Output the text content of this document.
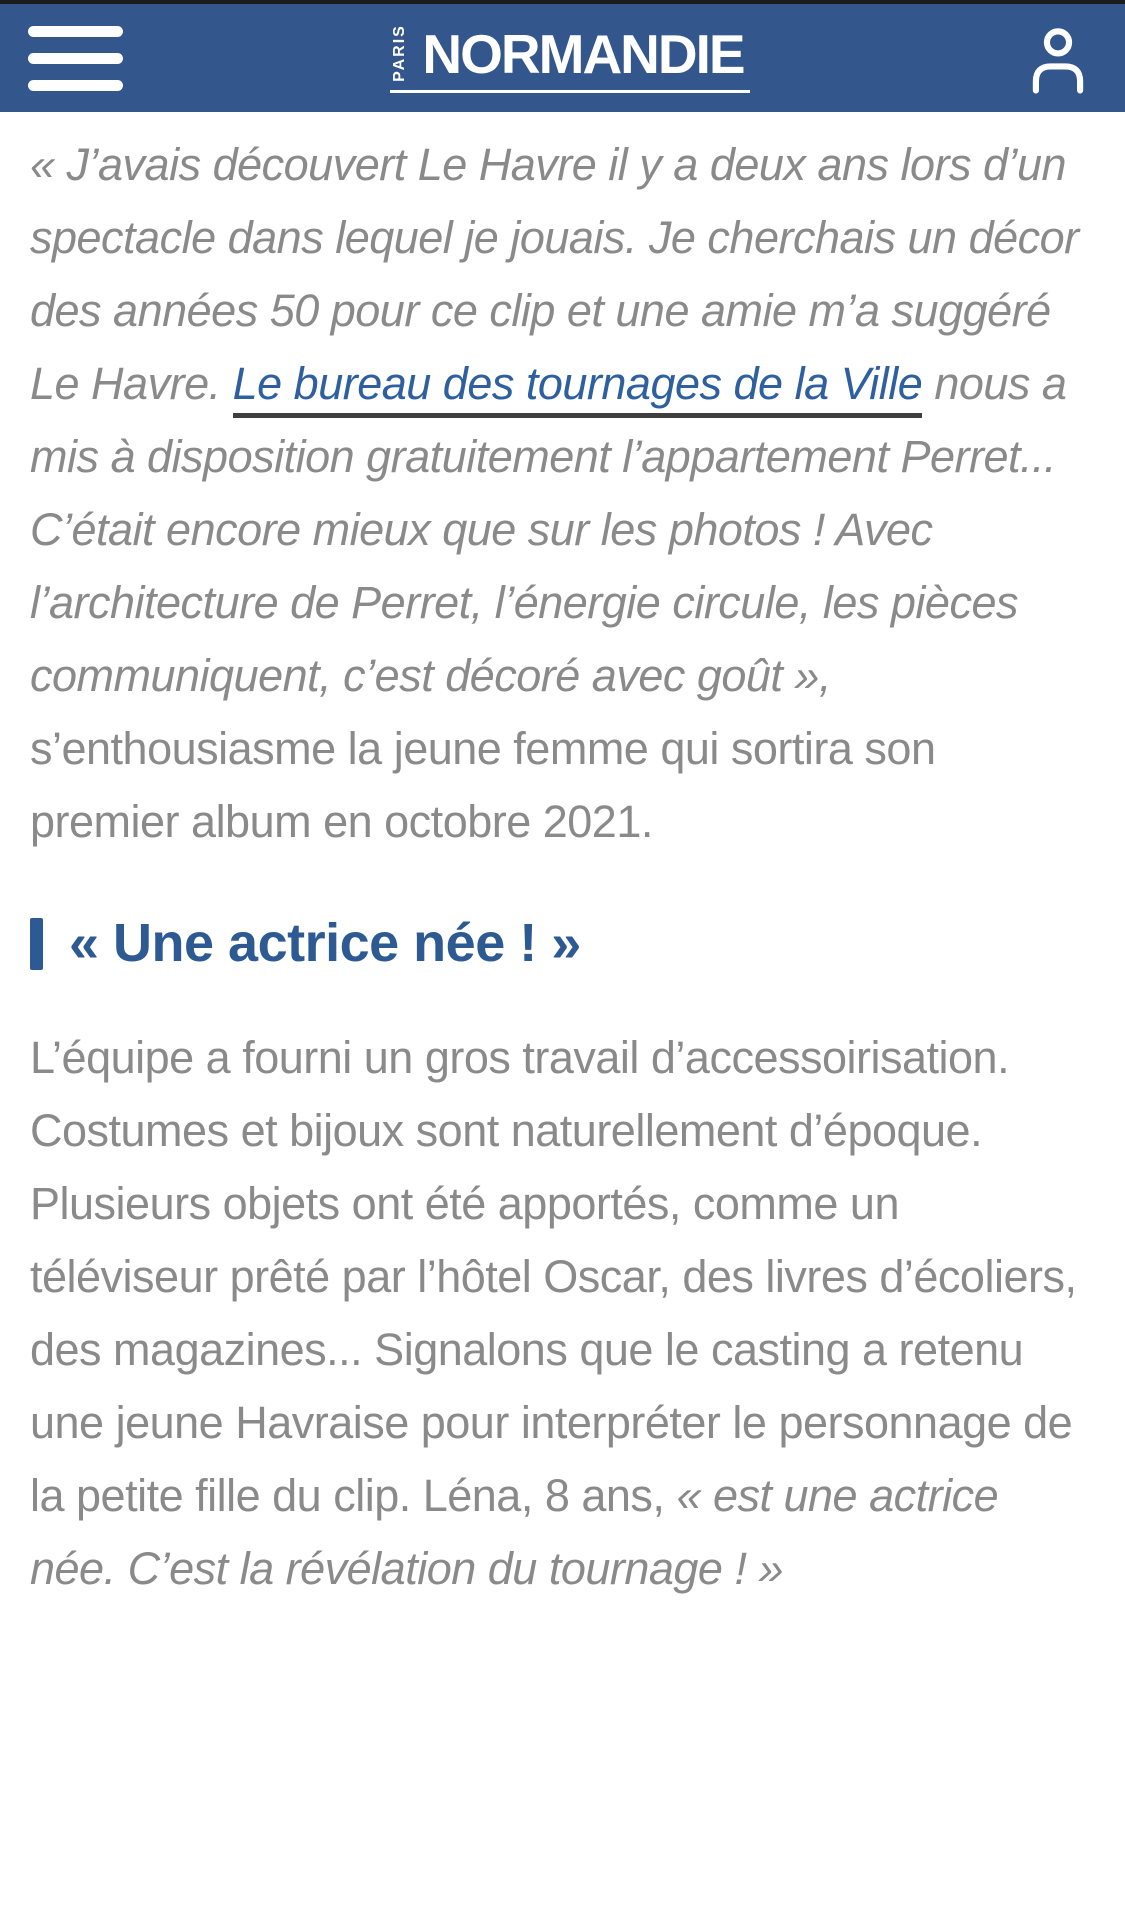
PARIS NORMANDIE

« J’avais découvert Le Havre il y a deux ans lors d’un spectacle dans lequel je jouais. Je cherchais un décor des années 50 pour ce clip et une amie m’a suggéré Le Havre. Le bureau des tournages de la Ville nous a mis à disposition gratuitement l’appartement Perret... C’était encore mieux que sur les photos ! Avec l’architecture de Perret, l’énergie circule, les pièces communiquent, c’est décoré avec goût », s’enthousiasme la jeune femme qui sortira son premier album en octobre 2021.

« Une actrice née ! »

L’équipe a fourni un gros travail d’accessoirisation. Costumes et bijoux sont naturellement d’époque. Plusieurs objets ont été apportés, comme un téléviseur prêté par l’hôtel Oscar, des livres d’écoliers, des magazines... Signalons que le casting a retenu une jeune Havraise pour interpréter le personnage de la petite fille du clip. Léna, 8 ans, « est une actrice née. C’est la révélation du tournage ! »
